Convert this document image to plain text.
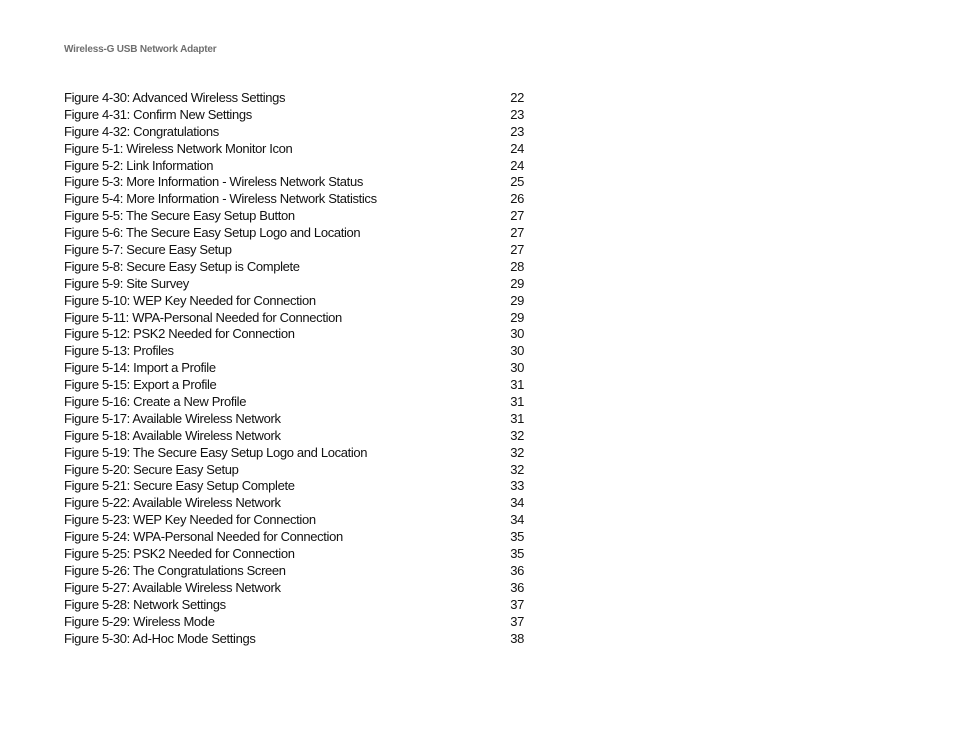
Wireless-G USB Network Adapter
Figure 4-30: Advanced Wireless Settings	22
Figure 4-31: Confirm New Settings	23
Figure 4-32: Congratulations	23
Figure 5-1: Wireless Network Monitor Icon	24
Figure 5-2: Link Information	24
Figure 5-3: More Information - Wireless Network Status	25
Figure 5-4: More Information - Wireless Network Statistics	26
Figure 5-5: The Secure Easy Setup Button	27
Figure 5-6: The Secure Easy Setup Logo and Location	27
Figure 5-7: Secure Easy Setup	27
Figure 5-8: Secure Easy Setup is Complete	28
Figure 5-9: Site Survey	29
Figure 5-10: WEP Key Needed for Connection	29
Figure 5-11: WPA-Personal Needed for Connection	29
Figure 5-12: PSK2 Needed for Connection	30
Figure 5-13: Profiles	30
Figure 5-14: Import a Profile	30
Figure 5-15: Export a Profile	31
Figure 5-16: Create a New Profile	31
Figure 5-17: Available Wireless Network	31
Figure 5-18: Available Wireless Network	32
Figure 5-19: The Secure Easy Setup Logo and Location	32
Figure 5-20: Secure Easy Setup	32
Figure 5-21: Secure Easy Setup Complete	33
Figure 5-22: Available Wireless Network	34
Figure 5-23: WEP Key Needed for Connection	34
Figure 5-24: WPA-Personal Needed for Connection	35
Figure 5-25: PSK2 Needed for Connection	35
Figure 5-26: The Congratulations Screen	36
Figure 5-27: Available Wireless Network	36
Figure 5-28: Network Settings	37
Figure 5-29: Wireless Mode	37
Figure 5-30: Ad-Hoc Mode Settings	38
